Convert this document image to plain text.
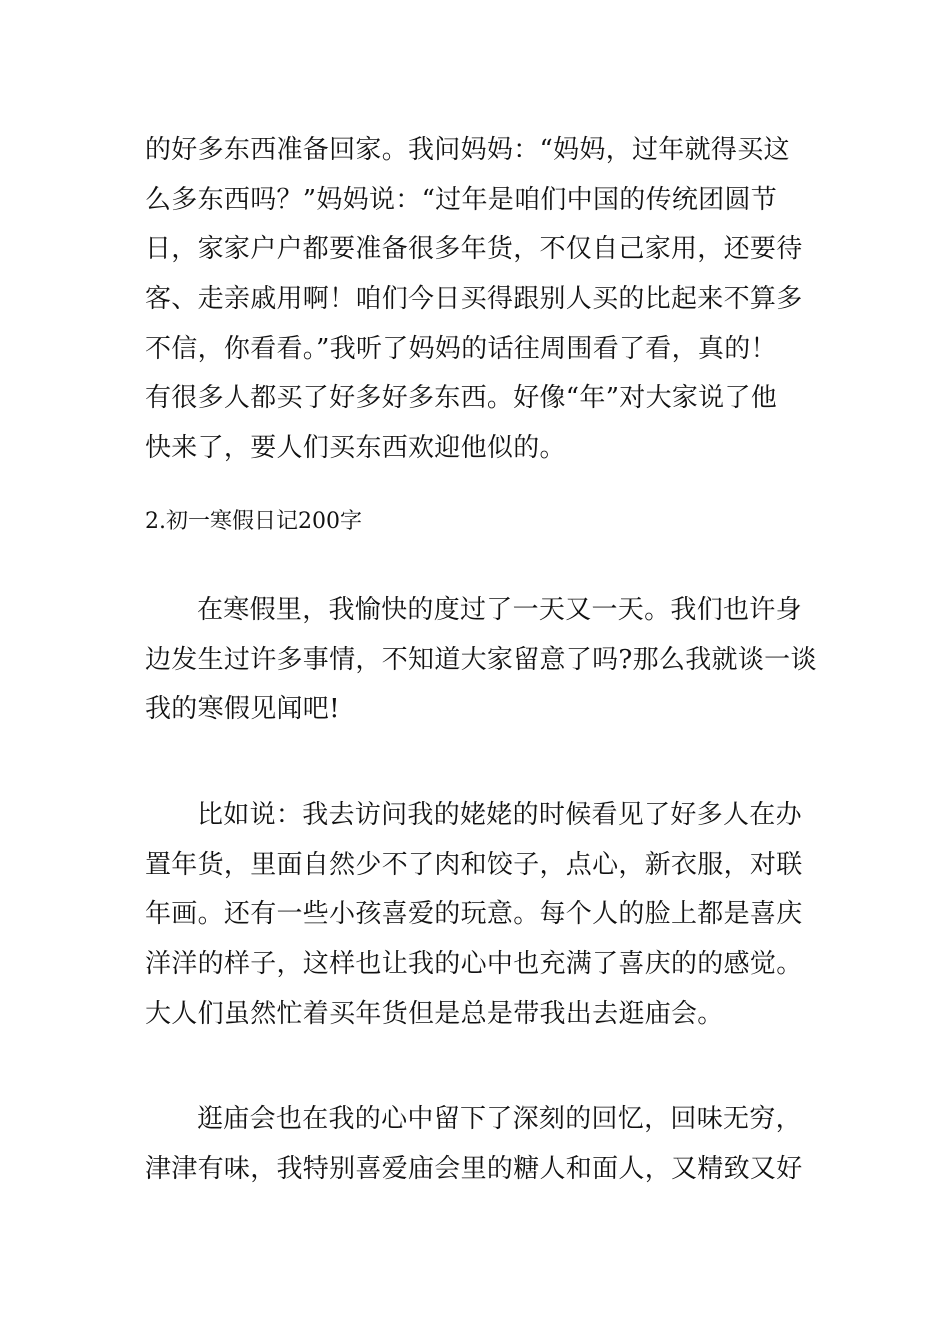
的好多东西准备回家。我问妈妈：“妈妈，过年就得买这
么多东西吗？”妈妈说：“过年是咱们中国的传统团圆节
日，家家户户都要准备很多年货，不仅自己家用，还要待
客、走亲戚用啊！咱们今日买得跟别人买的比起来不算多
不信，你看看。”我听了妈妈的话往周围看了看，真的！
有很多人都买了好多好多东西。好像“年”对大家说了他
快来了，要人们买东西欢迎他似的。
2.初一寒假日记200字
在寒假里，我愉快的度过了一天又一天。我们也许身
边发生过许多事情，不知道大家留意了吗?那么我就谈一谈
我的寒假见闻吧!
比如说：我去访问我的姥姥的时候看见了好多人在办
置年货，里面自然少不了肉和饺子，点心，新衣服，对联
年画。还有一些小孩喜爱的玩意。每个人的脸上都是喜庆
洋洋的样子，这样也让我的心中也充满了喜庆的的感觉。
大人们虽然忙着买年货但是总是带我出去逛庙会。
逛庙会也在我的心中留下了深刻的回忆，回味无穷，
津津有味，我特别喜爱庙会里的糖人和面人，又精致又好
